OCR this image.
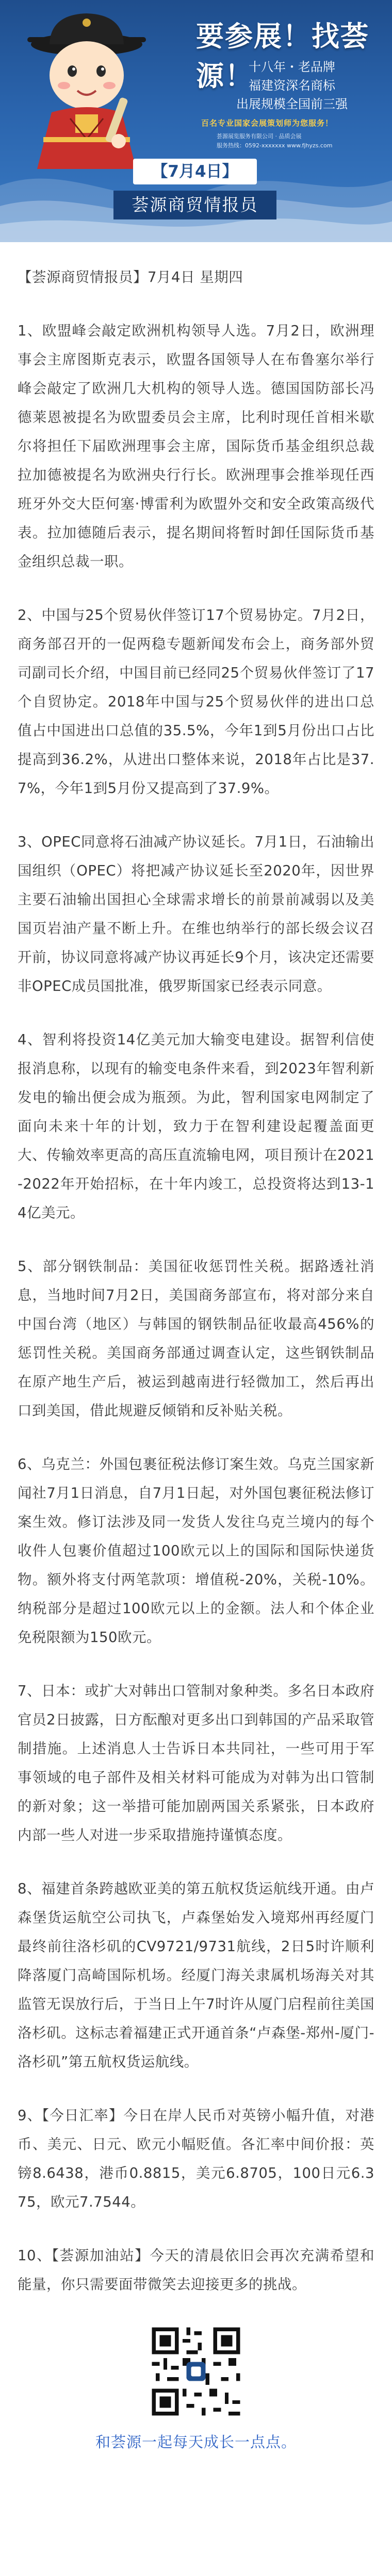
要参展！找荟源！
十八年・老品牌
福建资深名商标
出展规模全国前三强
百名专业国家会展策划师为您服务！
荟源展览服务有限公司 · 品质会展
服务热线：0592-xxxxxxx www.fjhyzs.com
【7月4日】
荟源商贸情报员

【荟源商贸情报员】7月4日 星期四

1、欧盟峰会敲定欧洲机构领导人选。7月2日，欧洲理事会主席图斯克表示，欧盟各国领导人在布鲁塞尔举行峰会敲定了欧洲几大机构的领导人选。德国国防部长冯德莱恩被提名为欧盟委员会主席，比利时现任首相米歇尔将担任下届欧洲理事会主席，国际货币基金组织总裁拉加德被提名为欧洲央行行长。欧洲理事会推举现任西班牙外交大臣何塞·博雷利为欧盟外交和安全政策高级代表。拉加德随后表示，提名期间将暂时卸任国际货币基金组织总裁一职。

2、中国与25个贸易伙伴签订17个贸易协定。7月2日，商务部召开的一促两稳专题新闻发布会上，商务部外贸司副司长介绍，中国目前已经同25个贸易伙伴签订了17个自贸协定。2018年中国与25个贸易伙伴的进出口总值占中国进出口总值的35.5%，今年1到5月份出口占比提高到36.2%，从进出口整体来说，2018年占比是37.7%，今年1到5月份又提高到了37.9%。

3、OPEC同意将石油减产协议延长。7月1日，石油输出国组织（OPEC）将把减产协议延长至2020年，因世界主要石油输出国担心全球需求增长的前景前减弱以及美国页岩油产量不断上升。在维也纳举行的部长级会议召开前，协议同意将减产协议再延长9个月，该决定还需要非OPEC成员国批准，俄罗斯国家已经表示同意。

4、智利将投资14亿美元加大输变电建设。据智利信使报消息称，以现有的输变电条件来看，到2023年智利新发电的输出便会成为瓶颈。为此，智利国家电网制定了面向未来十年的计划，致力于在智利建设起覆盖面更大、传输效率更高的高压直流输电网，项目预计在2021-2022年开始招标，在十年内竣工，总投资将达到13-14亿美元。

5、部分钢铁制品：美国征收惩罚性关税。据路透社消息，当地时间7月2日，美国商务部宣布，将对部分来自中国台湾（地区）与韩国的钢铁制品征收最高456%的惩罚性关税。美国商务部通过调查认定，这些钢铁制品在原产地生产后，被运到越南进行轻微加工，然后再出口到美国，借此规避反倾销和反补贴关税。

6、乌克兰：外国包裹征税法修订案生效。乌克兰国家新闻社7月1日消息，自7月1日起，对外国包裹征税法修订案生效。修订法涉及同一发货人发往乌克兰境内的每个收件人包裹价值超过100欧元以上的国际和国际快递货物。额外将支付两笔款项：增值税-20%，关税-10%。纳税部分是超过100欧元以上的金额。法人和个体企业免税限额为150欧元。

7、日本：或扩大对韩出口管制对象种类。多名日本政府官员2日披露，日方酝酿对更多出口到韩国的产品采取管制措施。上述消息人士告诉日本共同社，一些可用于军事领域的电子部件及相关材料可能成为对韩为出口管制的新对象；这一举措可能加剧两国关系紧张，日本政府内部一些人对进一步采取措施持谨慎态度。

8、福建首条跨越欧亚美的第五航权货运航线开通。由卢森堡货运航空公司执飞，卢森堡始发入境郑州再经厦门最终前往洛杉矶的CV9721/9731航线，2日5时许顺利降落厦门高崎国际机场。经厦门海关隶属机场海关对其监管无误放行后，于当日上午7时许从厦门启程前往美国洛杉矶。这标志着福建正式开通首条“卢森堡-郑州-厦门-洛杉矶”第五航权货运航线。

9、【今日汇率】今日在岸人民币对英镑小幅升值，对港币、美元、日元、欧元小幅贬值。各汇率中间价报：英镑8.6438，港币0.8815，美元6.8705，100日元6.375，欧元7.7544。

10、【荟源加油站】今天的清晨依旧会再次充满希望和能量，你只需要面带微笑去迎接更多的挑战。

和荟源一起每天成长一点点。
